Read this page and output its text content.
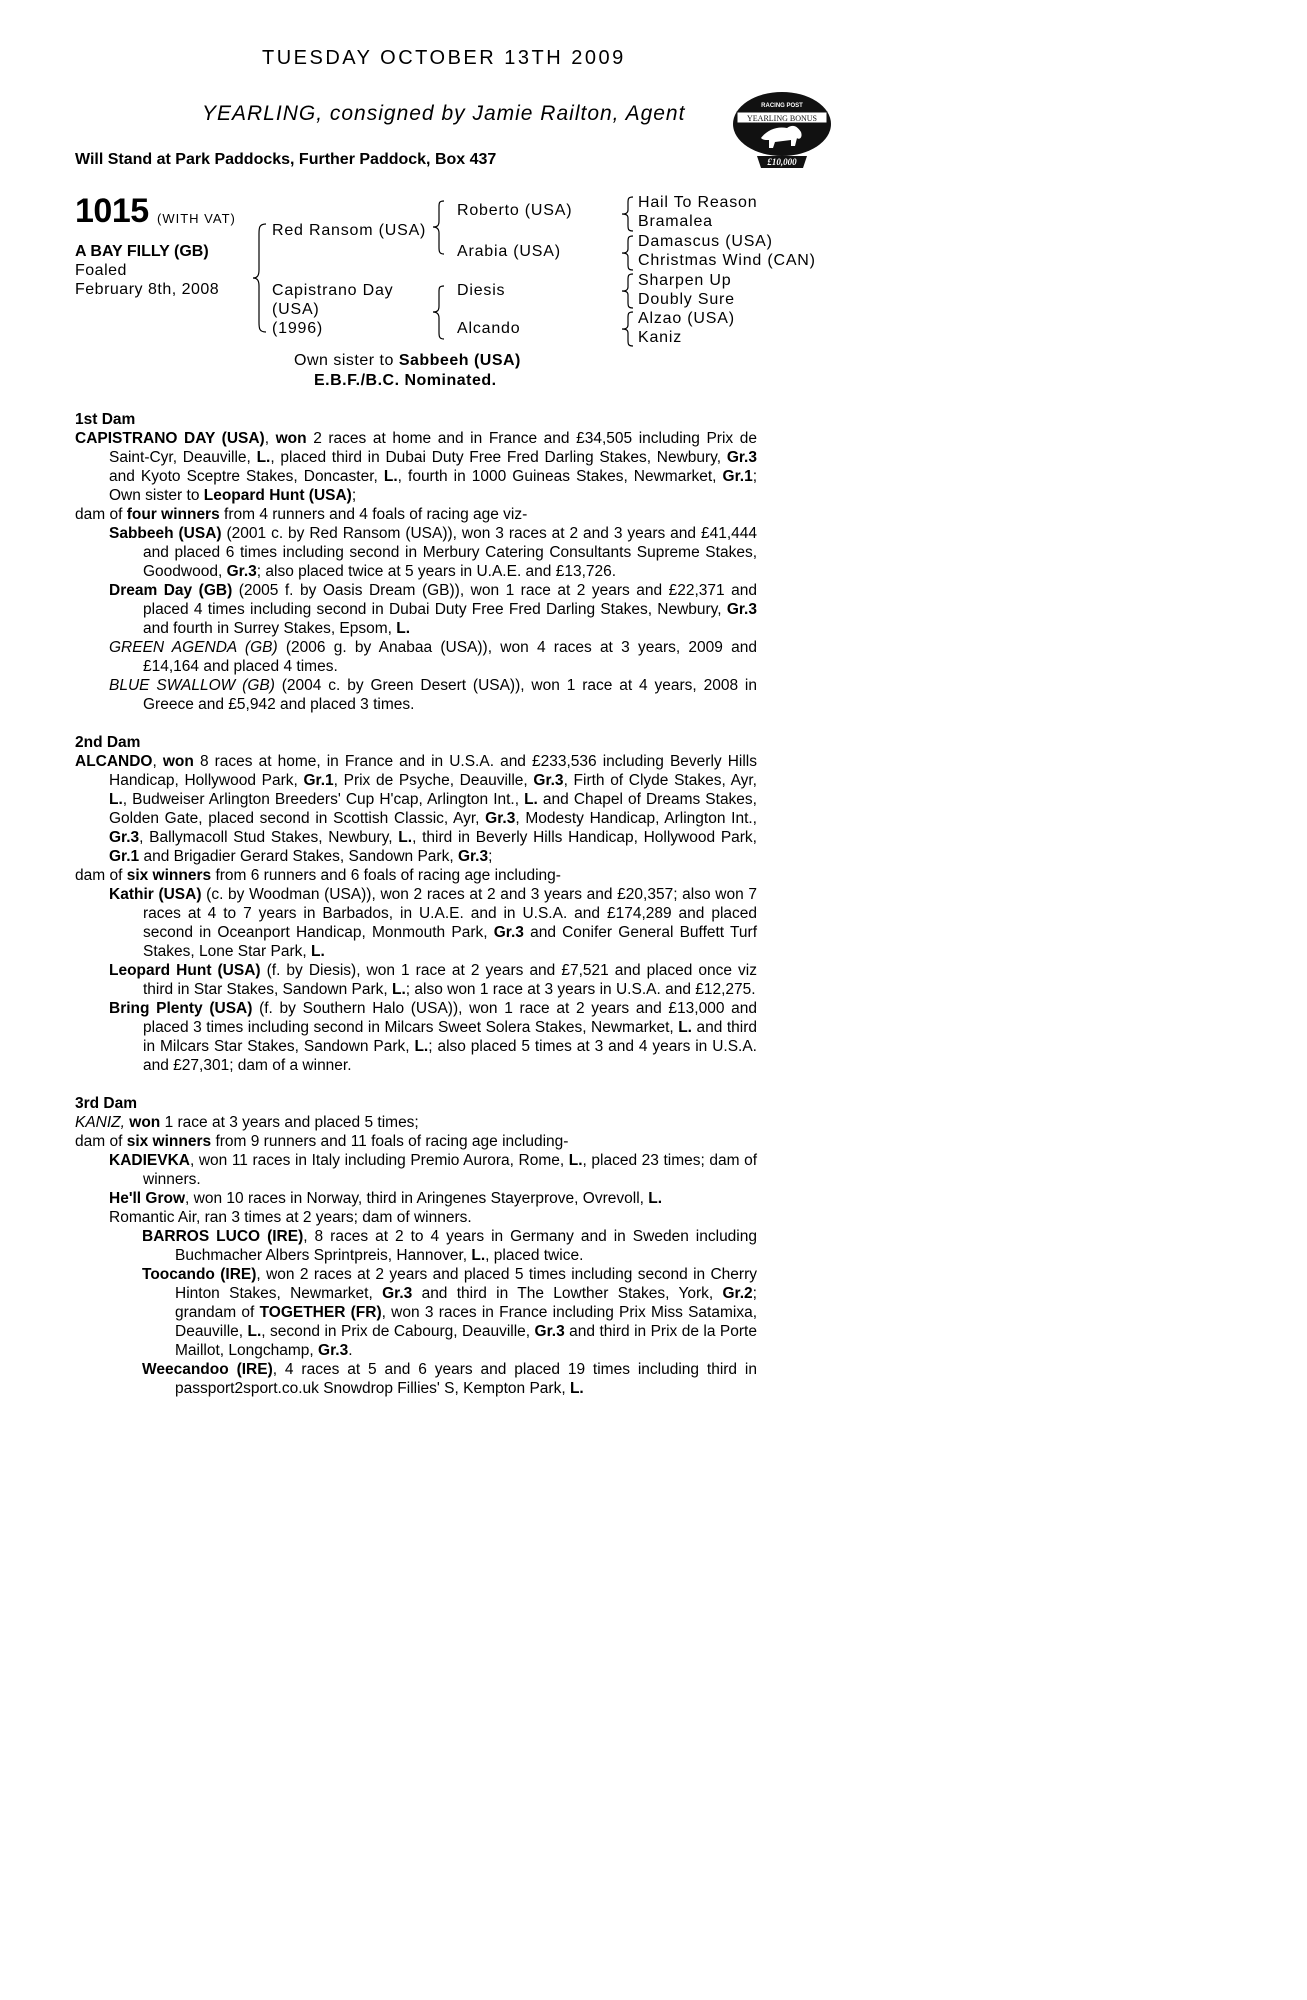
TUESDAY OCTOBER 13TH 2009
YEARLING, consigned by Jamie Railton, Agent
Will Stand at Park Paddocks, Further Paddock, Box 437
RACING POST
YEARLING BONUS
£10,000
1015 (WITH VAT)
A BAY FILLY (GB)
Foaled
February 8th, 2008
Red Ransom (USA)
Capistrano Day
(USA)
(1996)
Roberto (USA)
Arabia (USA)
Diesis
Alcando
Hail To Reason
Bramalea
Damascus (USA)
Christmas Wind (CAN)
Sharpen Up
Doubly Sure
Alzao (USA)
Kaniz
Own sister to Sabbeeh (USA)
E.B.F./B.C. Nominated.
1st Dam
CAPISTRANO DAY (USA), won 2 races at home and in France and £34,505 including Prix de Saint-Cyr, Deauville, L., placed third in Dubai Duty Free Fred Darling Stakes, Newbury, Gr.3 and Kyoto Sceptre Stakes, Doncaster, L., fourth in 1000 Guineas Stakes, Newmarket, Gr.1; Own sister to Leopard Hunt (USA);
dam of four winners from 4 runners and 4 foals of racing age viz-
Sabbeeh (USA) (2001 c. by Red Ransom (USA)), won 3 races at 2 and 3 years and £41,444 and placed 6 times including second in Merbury Catering Consultants Supreme Stakes, Goodwood, Gr.3; also placed twice at 5 years in U.A.E. and £13,726.
Dream Day (GB) (2005 f. by Oasis Dream (GB)), won 1 race at 2 years and £22,371 and placed 4 times including second in Dubai Duty Free Fred Darling Stakes, Newbury, Gr.3 and fourth in Surrey Stakes, Epsom, L.
GREEN AGENDA (GB) (2006 g. by Anabaa (USA)), won 4 races at 3 years, 2009 and £14,164 and placed 4 times.
BLUE SWALLOW (GB) (2004 c. by Green Desert (USA)), won 1 race at 4 years, 2008 in Greece and £5,942 and placed 3 times.
2nd Dam
ALCANDO, won 8 races at home, in France and in U.S.A. and £233,536 including Beverly Hills Handicap, Hollywood Park, Gr.1, Prix de Psyche, Deauville, Gr.3, Firth of Clyde Stakes, Ayr, L., Budweiser Arlington Breeders' Cup H'cap, Arlington Int., L. and Chapel of Dreams Stakes, Golden Gate, placed second in Scottish Classic, Ayr, Gr.3, Modesty Handicap, Arlington Int., Gr.3, Ballymacoll Stud Stakes, Newbury, L., third in Beverly Hills Handicap, Hollywood Park, Gr.1 and Brigadier Gerard Stakes, Sandown Park, Gr.3;
dam of six winners from 6 runners and 6 foals of racing age including-
Kathir (USA) (c. by Woodman (USA)), won 2 races at 2 and 3 years and £20,357; also won 7 races at 4 to 7 years in Barbados, in U.A.E. and in U.S.A. and £174,289 and placed second in Oceanport Handicap, Monmouth Park, Gr.3 and Conifer General Buffett Turf Stakes, Lone Star Park, L.
Leopard Hunt (USA) (f. by Diesis), won 1 race at 2 years and £7,521 and placed once viz third in Star Stakes, Sandown Park, L.; also won 1 race at 3 years in U.S.A. and £12,275.
Bring Plenty (USA) (f. by Southern Halo (USA)), won 1 race at 2 years and £13,000 and placed 3 times including second in Milcars Sweet Solera Stakes, Newmarket, L. and third in Milcars Star Stakes, Sandown Park, L.; also placed 5 times at 3 and 4 years in U.S.A. and £27,301; dam of a winner.
3rd Dam
KANIZ, won 1 race at 3 years and placed 5 times;
dam of six winners from 9 runners and 11 foals of racing age including-
KADIEVKA, won 11 races in Italy including Premio Aurora, Rome, L., placed 23 times; dam of winners.
He'll Grow, won 10 races in Norway, third in Aringenes Stayerprove, Ovrevoll, L.
Romantic Air, ran 3 times at 2 years; dam of winners.
BARROS LUCO (IRE), 8 races at 2 to 4 years in Germany and in Sweden including Buchmacher Albers Sprintpreis, Hannover, L., placed twice.
Toocando (IRE), won 2 races at 2 years and placed 5 times including second in Cherry Hinton Stakes, Newmarket, Gr.3 and third in The Lowther Stakes, York, Gr.2; grandam of TOGETHER (FR), won 3 races in France including Prix Miss Satamixa, Deauville, L., second in Prix de Cabourg, Deauville, Gr.3 and third in Prix de la Porte Maillot, Longchamp, Gr.3.
Weecandoo (IRE), 4 races at 5 and 6 years and placed 19 times including third in passport2sport.co.uk Snowdrop Fillies' S, Kempton Park, L.
